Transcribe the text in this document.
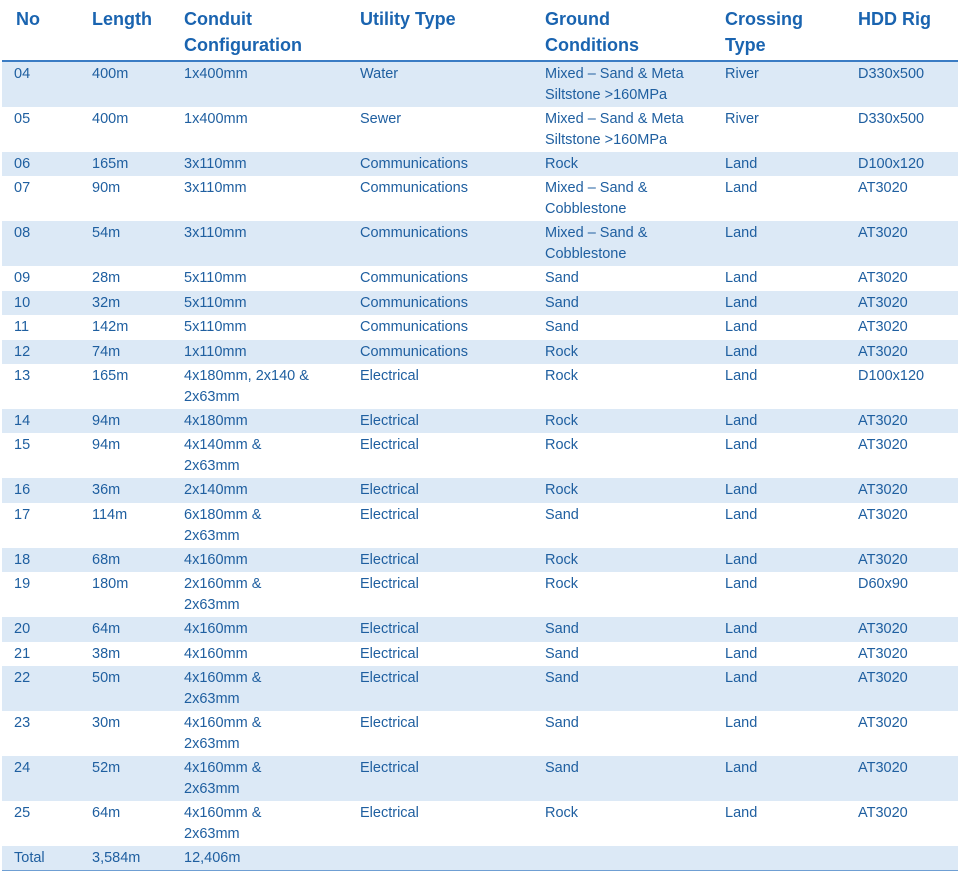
No	Length	Conduit Configuration	Utility Type	Ground Conditions	Crossing Type	HDD Rig
04	400m	1x400mm	Water	Mixed – Sand & Meta
Siltstone >160MPa	River	D330x500
05	400m	1x400mm	Sewer	Mixed – Sand & Meta
Siltstone >160MPa	River	D330x500
06	165m	3x110mm	Communications	Rock	Land	D100x120
07	90m	3x110mm	Communications	Mixed – Sand &
Cobblestone	Land	AT3020
08	54m	3x110mm	Communications	Mixed – Sand &
Cobblestone	Land	AT3020
09	28m	5x110mm	Communications	Sand	Land	AT3020
10	32m	5x110mm	Communications	Sand	Land	AT3020
11	142m	5x110mm	Communications	Sand	Land	AT3020
12	74m	1x110mm	Communications	Rock	Land	AT3020
13	165m	4x180mm, 2x140 &
2x63mm	Electrical	Rock	Land	D100x120
14	94m	4x180mm	Electrical	Rock	Land	AT3020
15	94m	4x140mm &
2x63mm	Electrical	Rock	Land	AT3020
16	36m	2x140mm	Electrical	Rock	Land	AT3020
17	114m	6x180mm &
2x63mm	Electrical	Sand	Land	AT3020
18	68m	4x160mm	Electrical	Rock	Land	AT3020
19	180m	2x160mm &
2x63mm	Electrical	Rock	Land	D60x90
20	64m	4x160mm	Electrical	Sand	Land	AT3020
21	38m	4x160mm	Electrical	Sand	Land	AT3020
22	50m	4x160mm &
2x63mm	Electrical	Sand	Land	AT3020
23	30m	4x160mm &
2x63mm	Electrical	Sand	Land	AT3020
24	52m	4x160mm &
2x63mm	Electrical	Sand	Land	AT3020
25	64m	4x160mm &
2x63mm	Electrical	Rock	Land	AT3020
Total	3,584m	12,406m				
